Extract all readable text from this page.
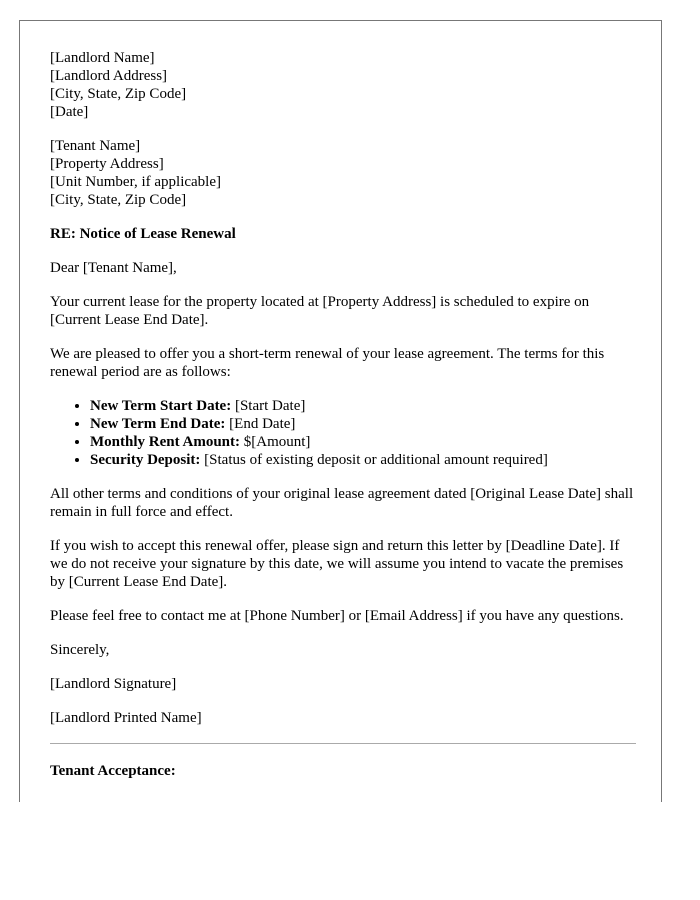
[Landlord Name]
[Landlord Address]
[City, State, Zip Code]
[Date]
[Tenant Name]
[Property Address]
[Unit Number, if applicable]
[City, State, Zip Code]
RE: Notice of Lease Renewal

Dear [Tenant Name],

Your current lease for the property located at [Property Address] is scheduled to expire on [Current Lease End Date].

We are pleased to offer you a short-term renewal of your lease agreement. The terms for this renewal period are as follows:

• New Term Start Date: [Start Date]
• New Term End Date: [End Date]
• Monthly Rent Amount: $[Amount]
• Security Deposit: [Status of existing deposit or additional amount required]

All other terms and conditions of your original lease agreement dated [Original Lease Date] shall remain in full force and effect.

If you wish to accept this renewal offer, please sign and return this letter by [Deadline Date]. If we do not receive your signature by this date, we will assume you intend to vacate the premises by [Current Lease End Date].

Please feel free to contact me at [Phone Number] or [Email Address] if you have any questions.

Sincerely,

[Landlord Signature]

[Landlord Printed Name]

Tenant Acceptance:
